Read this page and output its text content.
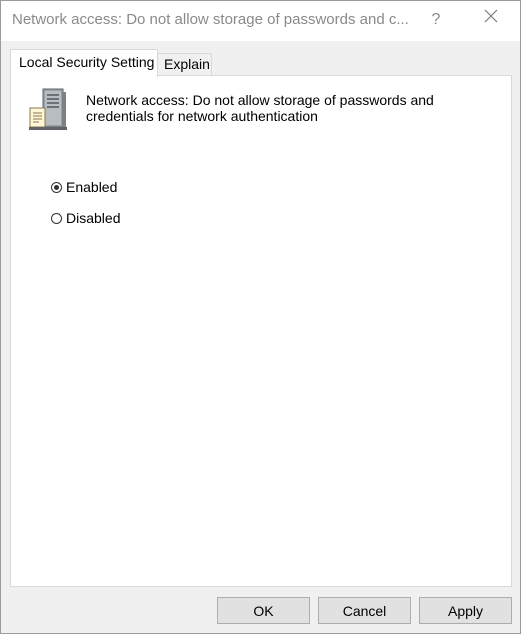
Network access: Do not allow storage of passwords and c...	?
Local Security Setting Explain
Network access: Do not allow storage of passwords and
credentials for network authentication
Enabled
Disabled
OK	Cancel	Apply
